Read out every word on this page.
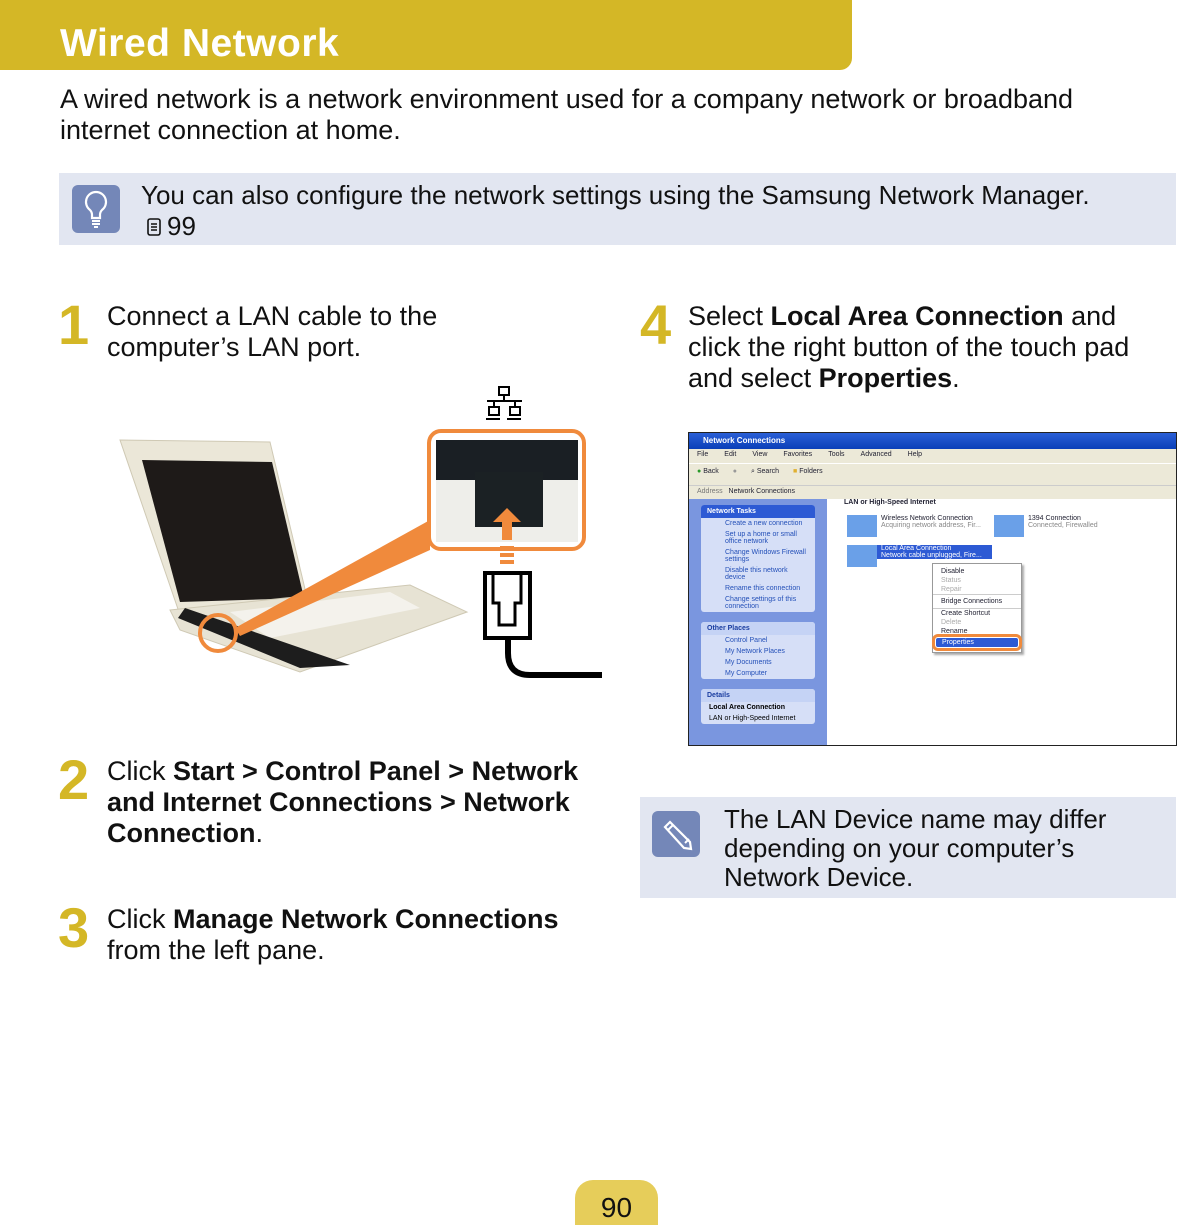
Wired Network
A wired network is a network environment used for a company network or broadband internet connection at home.
You can also configure the network settings using the Samsung Network Manager.
99
1 Connect a LAN cable to the computer’s LAN port.
2 Click Start > Control Panel > Network and Internet Connections > Network Connection.
3 Click Manage Network Connections from the left pane.
4 Select Local Area Connection and click the right button of the touch pad and select Properties.
Network Connections
File Edit View Favorites Tools Advanced Help
● Back ● ⌕ Search ■ Folders
Address Network Connections
Network Tasks
Create a new connection
Set up a home or small office network
Change Windows Firewall settings
Disable this network device
Rename this connection
Change settings of this connection
Other Places
Control Panel
My Network Places
My Documents
My Computer
Details
Local Area Connection
LAN or High-Speed Internet
LAN or High-Speed Internet
Wireless Network Connection
Acquiring network address, Fir...
1394 Connection
Connected, Firewalled
Local Area Connection
Network cable unplugged, Fire...
Disable
Status
Repair
Bridge Connections
Create Shortcut
Delete
Rename
Properties
The LAN Device name may differ depending on your computer’s Network Device.
90
